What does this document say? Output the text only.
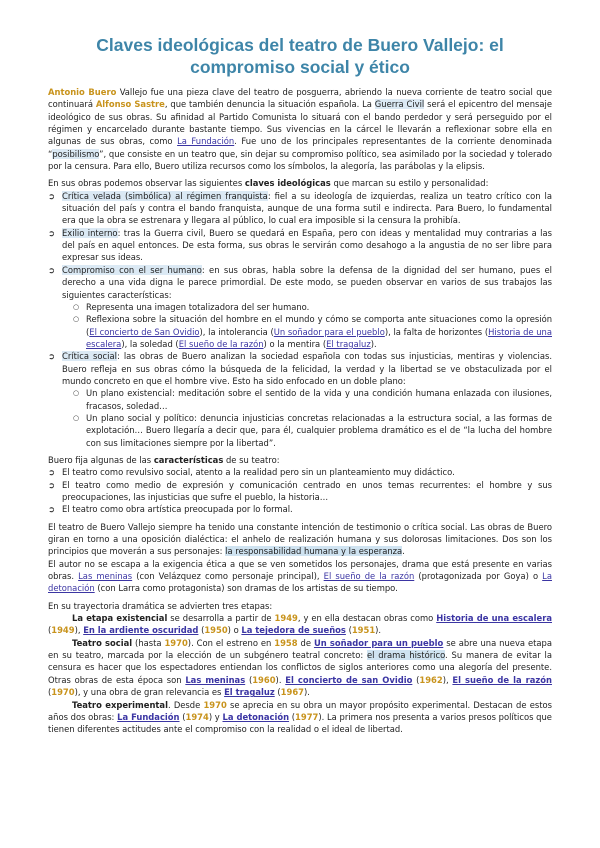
Claves ideológicas del teatro de Buero Vallejo: el compromiso social y ético

Antonio Buero Vallejo fue una pieza clave del teatro de posguerra, abriendo la nueva corriente de teatro social que continuará Alfonso Sastre, que también denuncia la situación española. La Guerra Civil será el epicentro del mensaje ideológico de sus obras. Su afinidad al Partido Comunista lo situará con el bando perdedor y será perseguido por el régimen y encarcelado durante bastante tiempo. Sus vivencias en la cárcel le llevarán a reflexionar sobre ella en algunas de sus obras, como La Fundación. Fue uno de los principales representantes de la corriente denominada “posibilismo”, que consiste en un teatro que, sin dejar su compromiso político, sea asimilado por la sociedad y tolerado por la censura. Para ello, Buero utiliza recursos como los símbolos, la alegoría, las parábolas y la elipsis.

En sus obras podemos observar las siguientes claves ideológicas que marcan su estilo y personalidad:

➲ Crítica velada (simbólica) al régimen franquista: fiel a su ideología de izquierdas, realiza un teatro crítico con la situación del país y contra el bando franquista, aunque de una forma sutil e indirecta. Para Buero, lo fundamental era que la obra se estrenara y llegara al público, lo cual era imposible si la censura la prohibía.
➲ Exilio interno: tras la Guerra civil, Buero se quedará en España, pero con ideas y mentalidad muy contrarias a las del país en aquel entonces. De esta forma, sus obras le servirán como desahogo a la angustia de no ser libre para expresar sus ideas.
➲ Compromiso con el ser humano: en sus obras, habla sobre la defensa de la dignidad del ser humano, pues el derecho a una vida digna le parece primordial. De este modo, se pueden observar en varios de sus trabajos las siguientes características:
○ Representa una imagen totalizadora del ser humano.
○ Reflexiona sobre la situación del hombre en el mundo y cómo se comporta ante situaciones como la opresión (El concierto de San Ovidio), la intolerancia (Un soñador para el pueblo), la falta de horizontes (Historia de una escalera), la soledad (El sueño de la razón) o la mentira (El tragaluz).
➲ Crítica social: las obras de Buero analizan la sociedad española con todas sus injusticias, mentiras y violencias. Buero refleja en sus obras cómo la búsqueda de la felicidad, la verdad y la libertad se ve obstaculizada por el mundo concreto en que el hombre vive. Esto ha sido enfocado en un doble plano:
○ Un plano existencial: meditación sobre el sentido de la vida y una condición humana enlazada con ilusiones, fracasos, soledad…
○ Un plano social y político: denuncia injusticias concretas relacionadas a la estructura social, a las formas de explotación… Buero llegaría a decir que, para él, cualquier problema dramático es el de “la lucha del hombre con sus limitaciones siempre por la libertad”.

Buero fija algunas de las características de su teatro:

➲ El teatro como revulsivo social, atento a la realidad pero sin un planteamiento muy didáctico.
➲ El teatro como medio de expresión y comunicación centrado en unos temas recurrentes: el hombre y sus preocupaciones, las injusticias que sufre el pueblo, la historia…
➲ El teatro como obra artística preocupada por lo formal.

El teatro de Buero Vallejo siempre ha tenido una constante intención de testimonio o crítica social. Las obras de Buero giran en torno a una oposición dialéctica: el anhelo de realización humana y sus dolorosas limitaciones. Dos son los principios que moverán a sus personajes: la responsabilidad humana y la esperanza.

El autor no se escapa a la exigencia ética a que se ven sometidos los personajes, drama que está presente en varias obras. Las meninas (con Velázquez como personaje principal), El sueño de la razón (protagonizada por Goya) o La detonación (con Larra como protagonista) son dramas de los artistas de su tiempo.

En su trayectoria dramática se advierten tres etapas:

La etapa existencial se desarrolla a partir de 1949, y en ella destacan obras como Historia de una escalera (1949), En la ardiente oscuridad (1950) o La tejedora de sueños (1951).

Teatro social (hasta 1970). Con el estreno en 1958 de Un soñador para un pueblo se abre una nueva etapa en su teatro, marcada por la elección de un subgénero teatral concreto: el drama histórico. Su manera de evitar la censura es hacer que los espectadores entiendan los conflictos de siglos anteriores como una alegoría del presente. Otras obras de esta época son Las meninas (1960). El concierto de san Ovidio (1962), El sueño de la razón (1970), y una obra de gran relevancia es El tragaluz (1967).

Teatro experimental. Desde 1970 se aprecia en su obra un mayor propósito experimental. Destacan de estos años dos obras: La Fundación (1974) y La detonación (1977). La primera nos presenta a varios presos políticos que tienen diferentes actitudes ante el compromiso con la realidad o el ideal de libertad.
